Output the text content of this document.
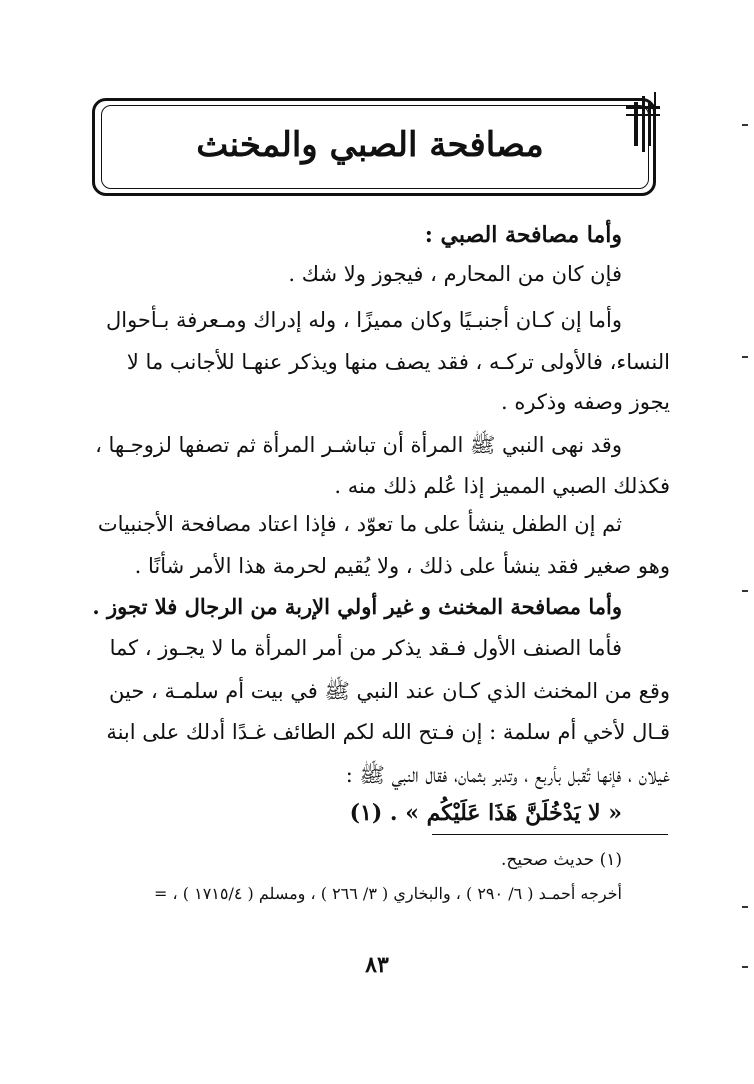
مصافحة الصبي والمخنث
وأما مصافحة الصبي :
فإن كان من المحارم ، فيجوز ولا شك .
وأما إن كـان أجنبـيًا وكان مميزًا ، وله إدراك ومـعرفة بـأحوال
النساء، فالأولى تركـه ، فقد يصف منها ويذكر عنهـا للأجانب ما لا
يجوز وصفه وذكره .
وقد نهى النبي ﷺ المرأة أن تباشـر المرأة ثم تصفها لزوجـها ،
فكذلك الصبي المميز إذا عُلم ذلك منه .
ثم إن الطفل ينشأ على ما تعوّد ، فإذا اعتاد مصافحة الأجنبيات
وهو صغير فقد ينشأ على ذلك ، ولا يُقيم لحرمة هذا الأمر شأنًا .
وأما مصافحة المخنث و غير أولي الإربة من الرجال فلا تجوز .
فأما الصنف الأول فـقد يذكر من أمر المرأة ما لا يجـوز ، كما
وقع من المخنث الذي كـان عند النبي ﷺ في بيت أم سلمـة ، حين
قـال لأخي أم سلمة : إن فـتح الله لكم الطائف غـدًا أدلك على ابنة
غيلان ، فإنها تُقبل بأربع ، وتدبر بثمان، فقال النبي ﷺ :
« لا يَدْخُلَنَّ هَذَا عَلَيْكُم » . (١)
(١) حديث صحيح.
أخرجه أحمـد ( ٦/ ٢٩٠ ) ، والبخاري ( ٣/ ٢٦٦ ) ، ومسلم ( ١٧١٥/٤ ) ، =
٨٣
